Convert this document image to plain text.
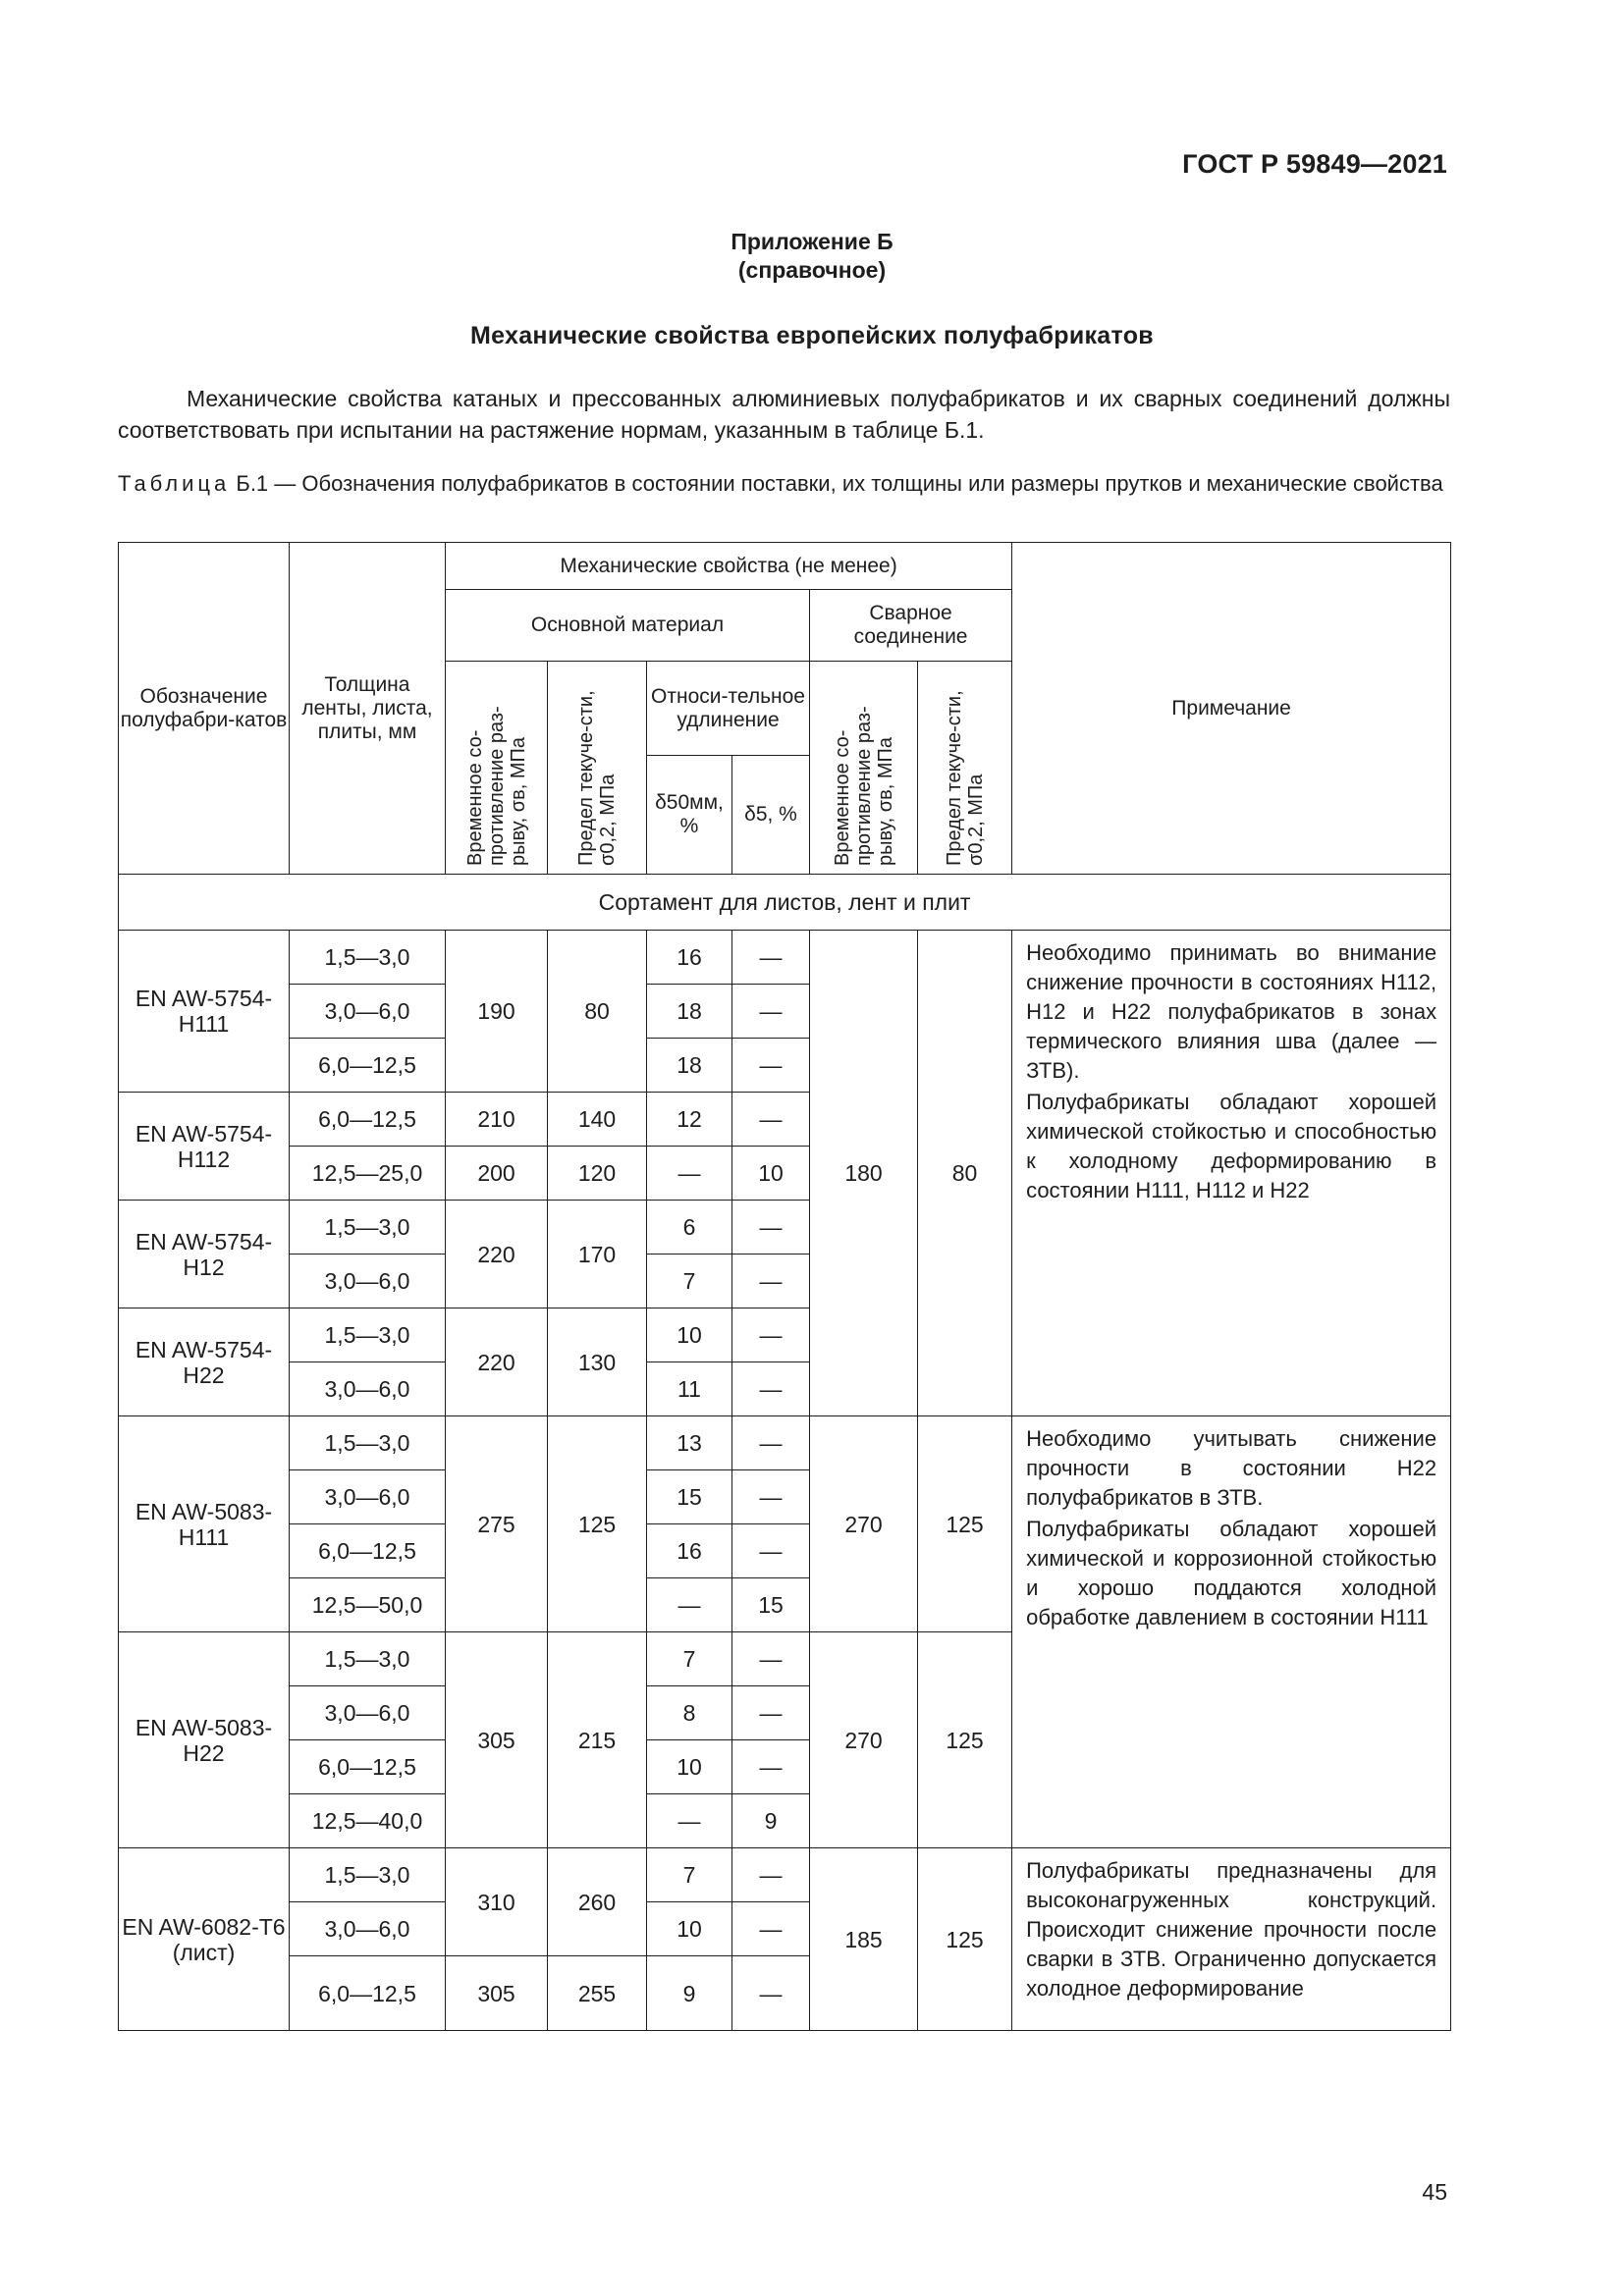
ГОСТ Р 59849—2021
Приложение Б
(справочное)
Механические свойства европейских полуфабрикатов

Механические свойства катаных и прессованных алюминиевых полуфабрикатов и их сварных соединений должны соответствовать при испытании на растяжение нормам, указанным в таблице Б.1.

Таблица Б.1 — Обозначения полуфабрикатов в состоянии поставки, их толщины или размеры прутков и механические свойства

Обозначение полуфабри-катов	Толщина ленты, листа, плиты, мм	Механические свойства (не менее)						Примечание
		Основной материал				Сварное соединение		

		Временное со-противление раз-рыву, σв, МПа	Предел текуче-сти, σ0,2, МПа	Относи-тельное удлинение		Временное со-противление раз-рыву, σв, МПа	Предел текуче-сти, σ0,2, МПа	

				δ50мм, %	δ5, %			
Сортамент для листов, лент и плит								
EN AW-5754-H111	1,5—3,0	190	80	16	—	180	80	Необходимо принимать во внимание снижение прочности в состояниях H112, H12 и H22 полуфабрикатов в зонах термического влияния шва (далее — ЗТВ).

Полуфабрикаты обладают хорошей химической стойкостью и способностью к холодному деформированию в состоянии H111, H112 и H22

	3,0—6,0			18	—			
	6,0—12,5			18	—			
EN AW-5754-H112	6,0—12,5	210	140	12	—			
	12,5—25,0	200	120	—	10			
EN AW-5754-H12	1,5—3,0	220	170	6	—			
	3,0—6,0			7	—			
EN AW-5754-H22	1,5—3,0	220	130	10	—			
	3,0—6,0			11	—			
EN AW-5083-H111	1,5—3,0	275	125	13	—	270	125	Необходимо учитывать снижение прочности в состоянии H22 полуфабрикатов в ЗТВ.

Полуфабрикаты обладают хорошей химической и коррозионной стойкостью и хорошо поддаются холодной обработке давлением в состоянии H111

	3,0—6,0			15	—			
	6,0—12,5			16	—			
	12,5—50,0			—	15			
EN AW-5083-H22	1,5—3,0	305	215	7	—	270	125	
	3,0—6,0			8	—			
	6,0—12,5			10	—			
	12,5—40,0			—	9			
EN AW-6082-T6 (лист)	1,5—3,0	310	260	7	—	185	125	Полуфабрикаты предназначены для высоконагруженных конструкций. Происходит снижение прочности после сварки в ЗТВ. Ограниченно допускается холодное деформирование

	3,0—6,0			10	—			
	6,0—12,5	305	255	9	—			
45
